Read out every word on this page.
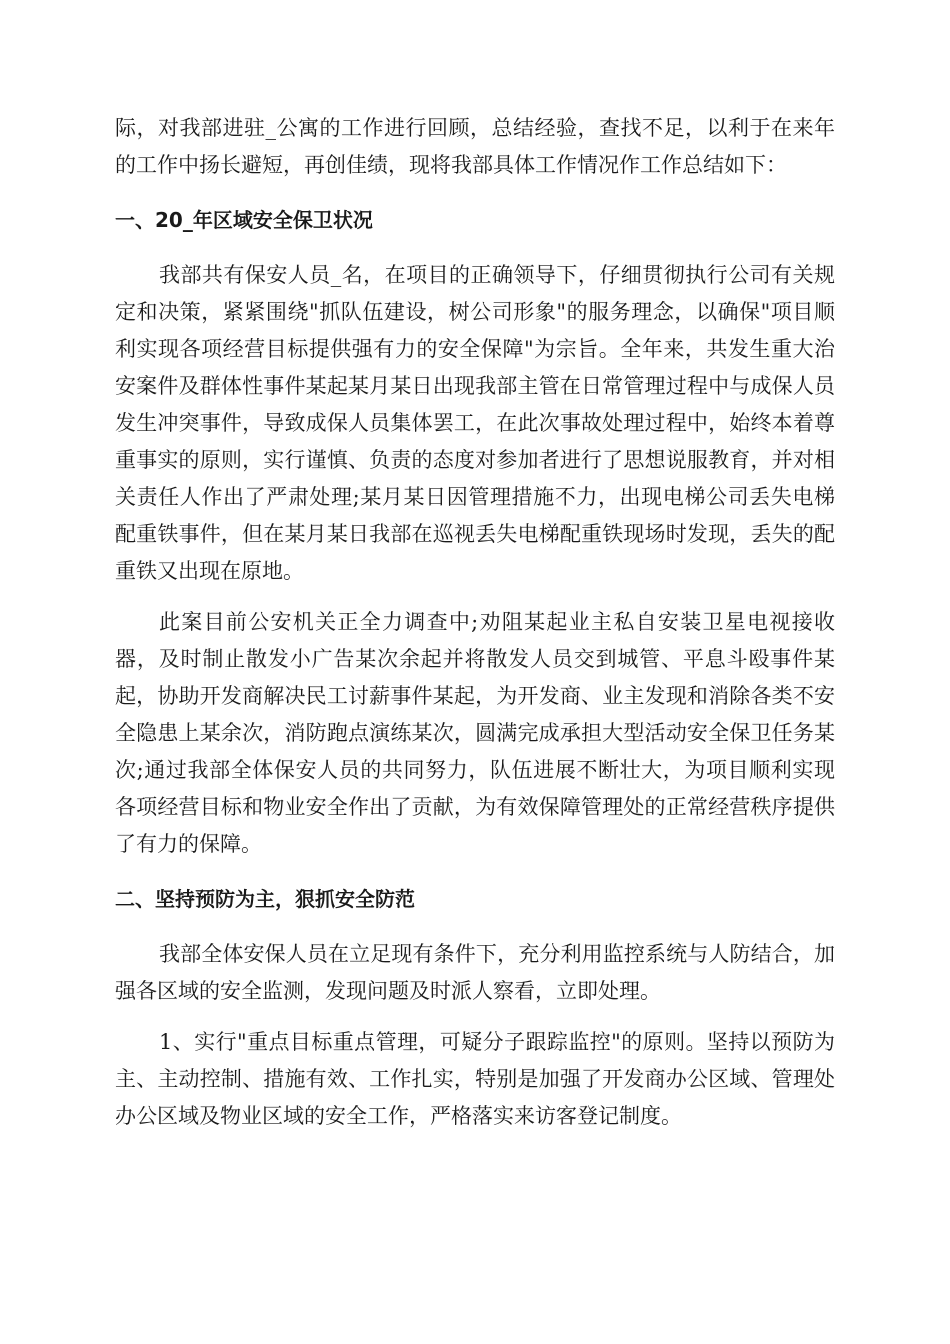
际，对我部进驻_公寓的工作进行回顾，总结经验，查找不足，以利于在来年的工作中扬长避短，再创佳绩，现将我部具体工作情况作工作总结如下：

一、20_年区域安全保卫状况

我部共有保安人员_名，在项目的正确领导下，仔细贯彻执行公司有关规定和决策，紧紧围绕"抓队伍建设，树公司形象"的服务理念，以确保"项目顺利实现各项经营目标提供强有力的安全保障"为宗旨。全年来，共发生重大治安案件及群体性事件某起某月某日出现我部主管在日常管理过程中与成保人员发生冲突事件，导致成保人员集体罢工，在此次事故处理过程中，始终本着尊重事实的原则，实行谨慎、负责的态度对参加者进行了思想说服教育，并对相关责任人作出了严肃处理;某月某日因管理措施不力，出现电梯公司丢失电梯配重铁事件，但在某月某日我部在巡视丢失电梯配重铁现场时发现，丢失的配重铁又出现在原地。

此案目前公安机关正全力调查中;劝阻某起业主私自安装卫星电视接收器，及时制止散发小广告某次余起并将散发人员交到城管、平息斗殴事件某起，协助开发商解决民工讨薪事件某起，为开发商、业主发现和消除各类不安全隐患上某余次，消防跑点演练某次，圆满完成承担大型活动安全保卫任务某次;通过我部全体保安人员的共同努力，队伍进展不断壮大，为项目顺利实现各项经营目标和物业安全作出了贡献，为有效保障管理处的正常经营秩序提供了有力的保障。

二、坚持预防为主，狠抓安全防范

我部全体安保人员在立足现有条件下，充分利用监控系统与人防结合，加强各区域的安全监测，发现问题及时派人察看，立即处理。

1、实行"重点目标重点管理，可疑分子跟踪监控"的原则。坚持以预防为主、主动控制、措施有效、工作扎实，特别是加强了开发商办公区域、管理处办公区域及物业区域的安全工作，严格落实来访客登记制度。
